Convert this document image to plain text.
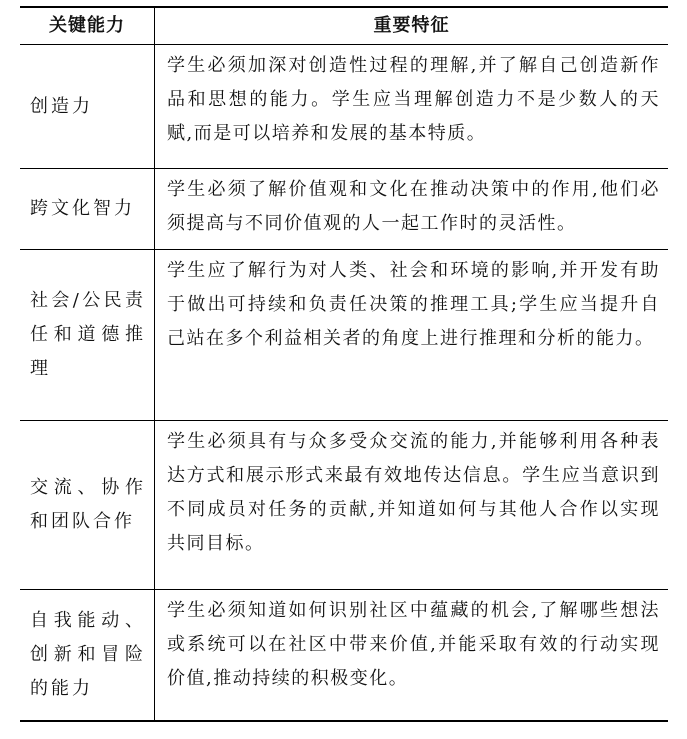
关键能力	重要特征
创造力
学生必须加深对创造性过程的理解,并了解自己创造新作品和思想的能力。学生应当理解创造力不是少数人的天赋,而是可以培养和发展的基本特质。
跨文化智力
学生必须了解价值观和文化在推动决策中的作用,他们必须提高与不同价值观的人一起工作时的灵活性。
社会/公民责任和道德推理
学生应了解行为对人类、社会和环境的影响,并开发有助于做出可持续和负责任决策的推理工具;学生应当提升自己站在多个利益相关者的角度上进行推理和分析的能力。
交流、协作和团队合作
学生必须具有与众多受众交流的能力,并能够利用各种表达方式和展示形式来最有效地传达信息。学生应当意识到不同成员对任务的贡献,并知道如何与其他人合作以实现共同目标。
自我能动、创新和冒险的能力
学生必须知道如何识别社区中蕴藏的机会,了解哪些想法或系统可以在社区中带来价值,并能采取有效的行动实现价值,推动持续的积极变化。
